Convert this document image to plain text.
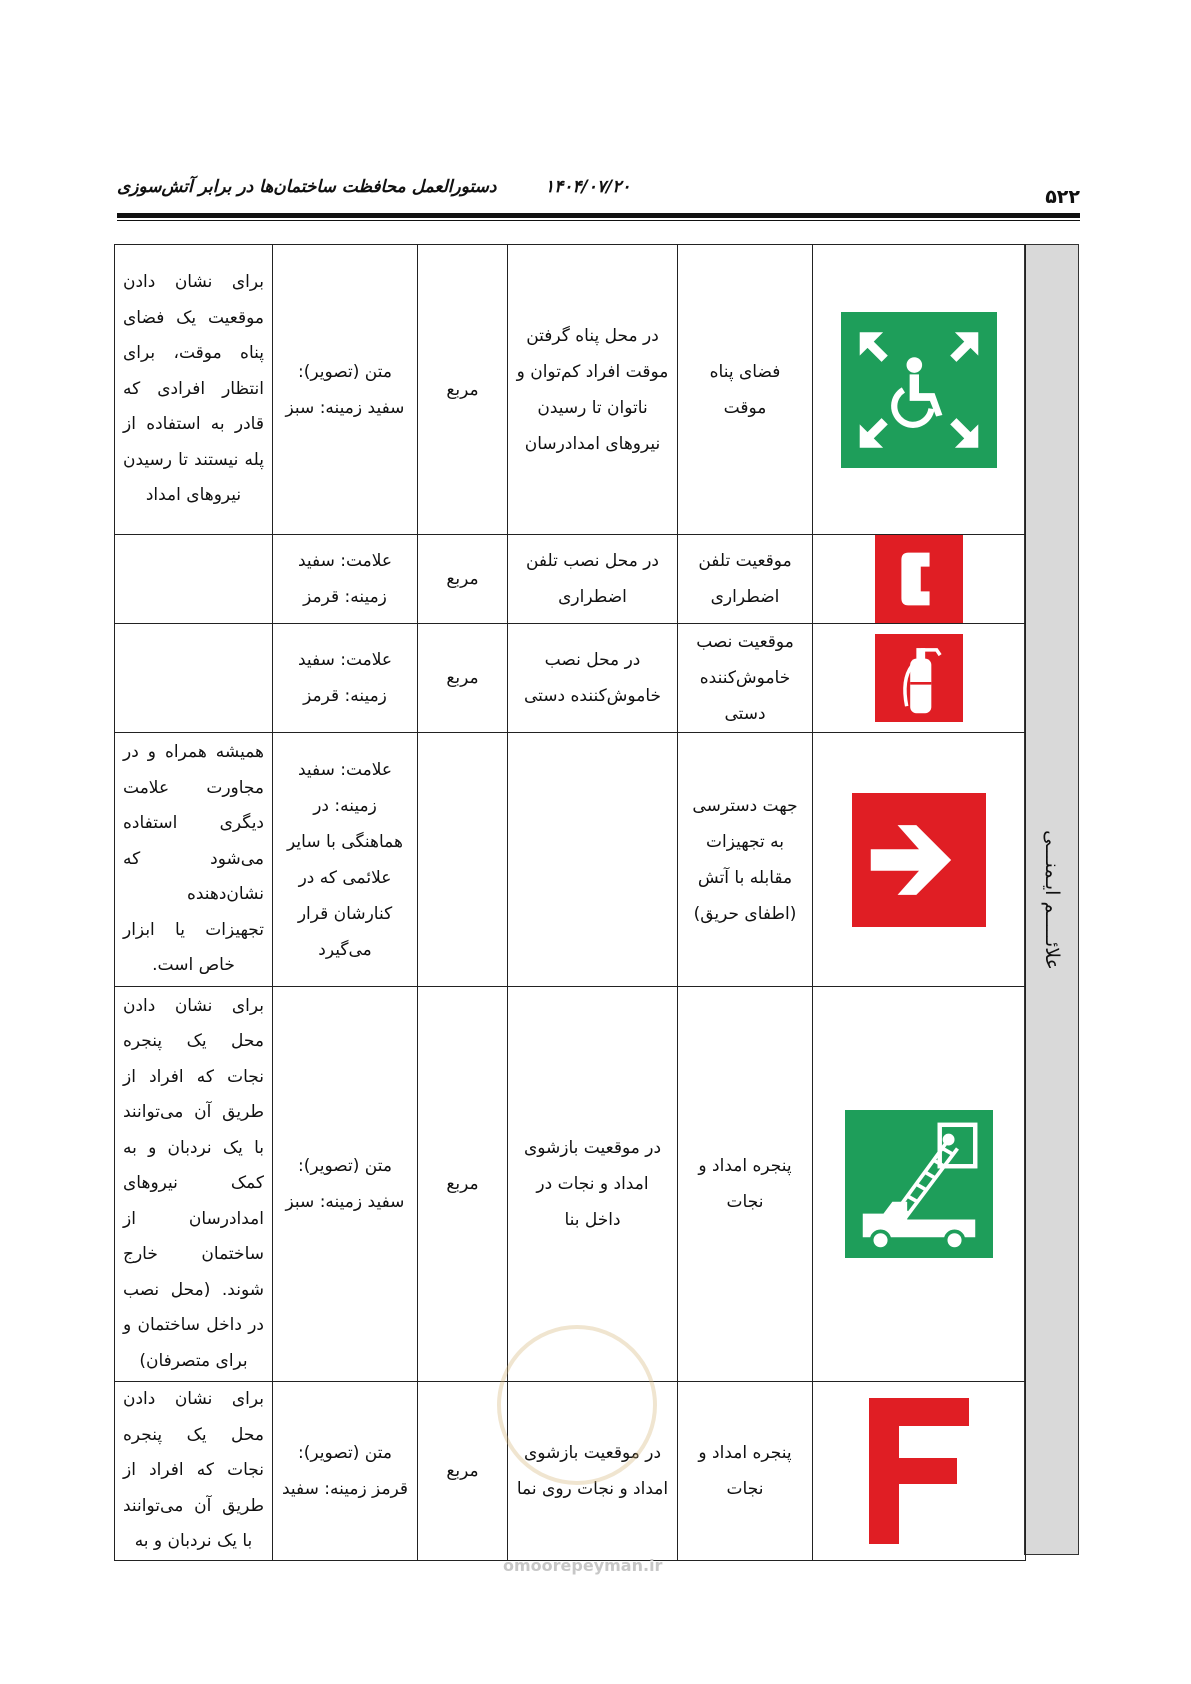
۵۲۲
۱۴۰۴/۰۷/۲۰
دستورالعمل محافظت ساختمان‌ها در برابر آتش‌سوزی
علائـــــم ایـمنـــی
	فضای پناه موقت	در محل پناه گرفتن موقت افراد کم‌توان و ناتوان تا رسیدن نیروهای امدادرسان	مربع	متن (تصویر): سفید زمینه: سبز	برای نشان دادن موقعیت یک فضای پناه موقت، برای انتظار افرادی که قادر به استفاده از پله نیستند تا رسیدن نیروهای امداد

	موقعیت تلفن اضطراری	در محل نصب تلفن اضطراری	مربع	علامت: سفید زمینه: قرمز	

	موقعیت نصب خاموش‌کننده دستی	در محل نصب خاموش‌کننده دستی	مربع	علامت: سفید زمینه: قرمز	

	جهت دسترسی به تجهیزات مقابله با آتش (اطفای حریق)			علامت: سفید زمینه: در هماهنگی با سایر علائمی که در کنارشان قرار می‌گیرد	همیشه همراه و در مجاورت علامت دیگری استفاده می‌شود که نشان‌دهنده تجهیزات یا ابزار خاص است.

	پنجره امداد و نجات	در موقعیت بازشوی امداد و نجات در داخل بنا	مربع	متن (تصویر): سفید زمینه: سبز	برای نشان دادن محل یک پنجره نجات که افراد از طریق آن می‌توانند با یک نردبان و به کمک نیروهای امدادرسان از ساختمان خارج شوند. (محل نصب در داخل ساختمان و برای متصرفان)

	پنجره امداد و نجات	در موقعیت بازشوی امداد و نجات روی نما	مربع	متن (تصویر): قرمز زمینه: سفید	برای نشان دادن محل یک پنجره نجات که افراد از طریق آن می‌توانند با یک نردبان و به
omoorepeyman.ir
